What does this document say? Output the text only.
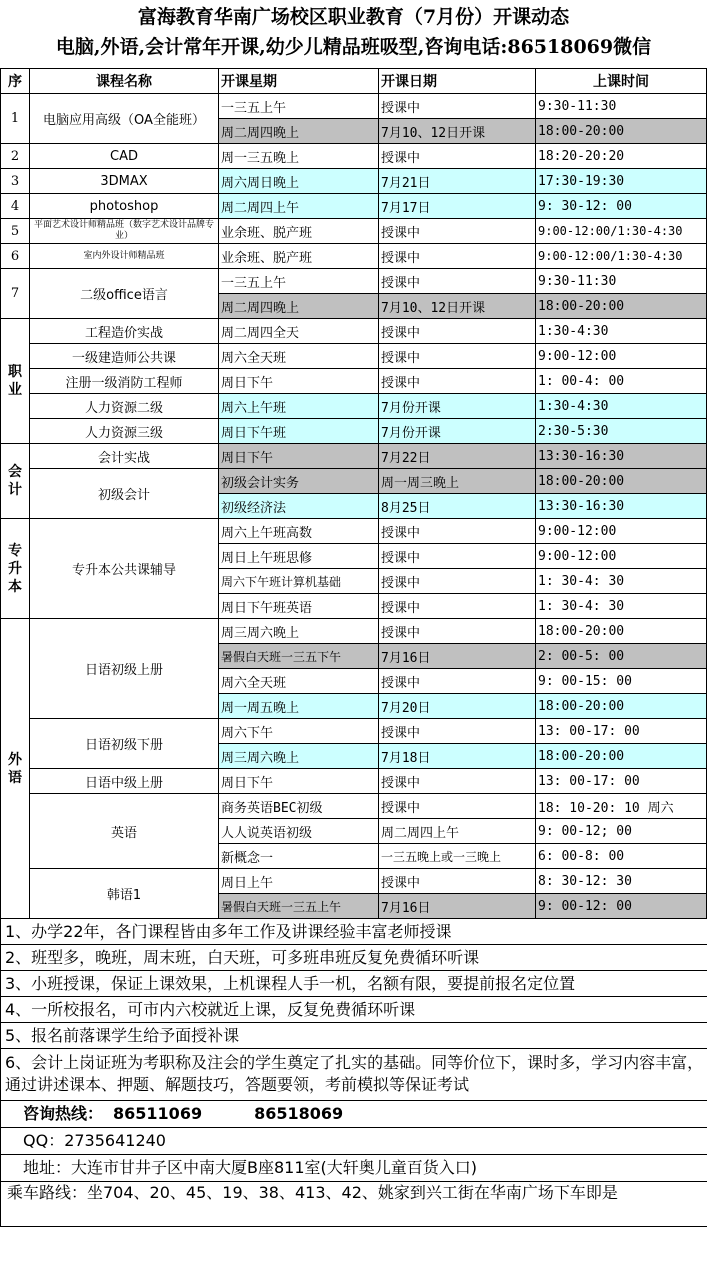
富海教育华南广场校区职业教育（7月份）开课动态
电脑,外语,会计常年开课,幼少儿精品班吸型,咨询电话:86518069微信
序	课程名称	开课星期	开课日期	上课时间
1	电脑应用高级（OA全能班）	一三五上午	授课中	9:30-11:30
		周二周四晚上	7月10、12日开课	18:00-20:00
2	CAD	周一三五晚上	授课中	18:20-20:20
3	3DMAX	周六周日晚上	7月21日	17:30-19:30
4	photoshop	周二周四上午	7月17日	9: 30-12: 00
5	平面艺术设计师精品班（数字艺术设计品牌专业）	业余班、脱产班	授课中	9:00-12:00/1:30-4:30
6	室内外设计师精品班	业余班、脱产班	授课中	9:00-12:00/1:30-4:30
7	二级office语言	一三五上午	授课中	9:30-11:30
		周二周四晚上	7月10、12日开课	18:00-20:00
职业	工程造价实战	周二周四全天	授课中	1:30-4:30
	一级建造师公共课	周六全天班	授课中	9:00-12:00
	注册一级消防工程师	周日下午	授课中	1: 00-4: 00
	人力资源二级	周六上午班	7月份开课	1:30-4:30
	人力资源三级	周日下午班	7月份开课	2:30-5:30
会计	会计实战	周日下午	7月22日	13:30-16:30
	初级会计	初级会计实务	周一周三晚上	18:00-20:00
		初级经济法	8月25日	13:30-16:30
专升本	专升本公共课辅导	周六上午班高数	授课中	9:00-12:00
		周日上午班思修	授课中	9:00-12:00
		周六下午班计算机基础	授课中	1: 30-4: 30
		周日下午班英语	授课中	1: 30-4: 30
外语	日语初级上册	周三周六晚上	授课中	18:00-20:00
		暑假白天班一三五下午	7月16日	2: 00-5: 00
		周六全天班	授课中	9: 00-15: 00
		周一周五晚上	7月20日	18:00-20:00
	日语初级下册	周六下午	授课中	13: 00-17: 00
		周三周六晚上	7月18日	18:00-20:00
	日语中级上册	周日下午	授课中	13: 00-17: 00
	英语	商务英语BEC初级	授课中	18: 10-20: 10 周六
		人人说英语初级	周二周四上午	9: 00-12; 00
		新概念一	一三五晚上或一三晚上	6: 00-8: 00
	韩语1	周日上午	授课中	8: 30-12: 30
		暑假白天班一三五上午	7月16日	9: 00-12: 00
1、办学22年，各门课程皆由多年工作及讲课经验丰富老师授课
2、班型多，晚班，周末班，白天班，可多班串班反复免费循环听课
3、小班授课，保证上课效果，上机课程人手一机，名额有限，要提前报名定位置
4、一所校报名，可市内六校就近上课，反复免费循环听课
5、报名前落课学生给予面授补课
6、会计上岗证班为考职称及注会的学生奠定了扎实的基础。同等价位下，课时多，学习内容丰富，通过讲述课本、押题、解题技巧，答题要领，考前模拟等保证考试
咨询热线： 86511069	86518069
QQ：2735641240
地址：大连市甘井子区中南大厦B座811室(大轩奥儿童百货入口)
乘车路线：坐704、20、45、19、38、413、42、姚家到兴工街在华南广场下车即是
